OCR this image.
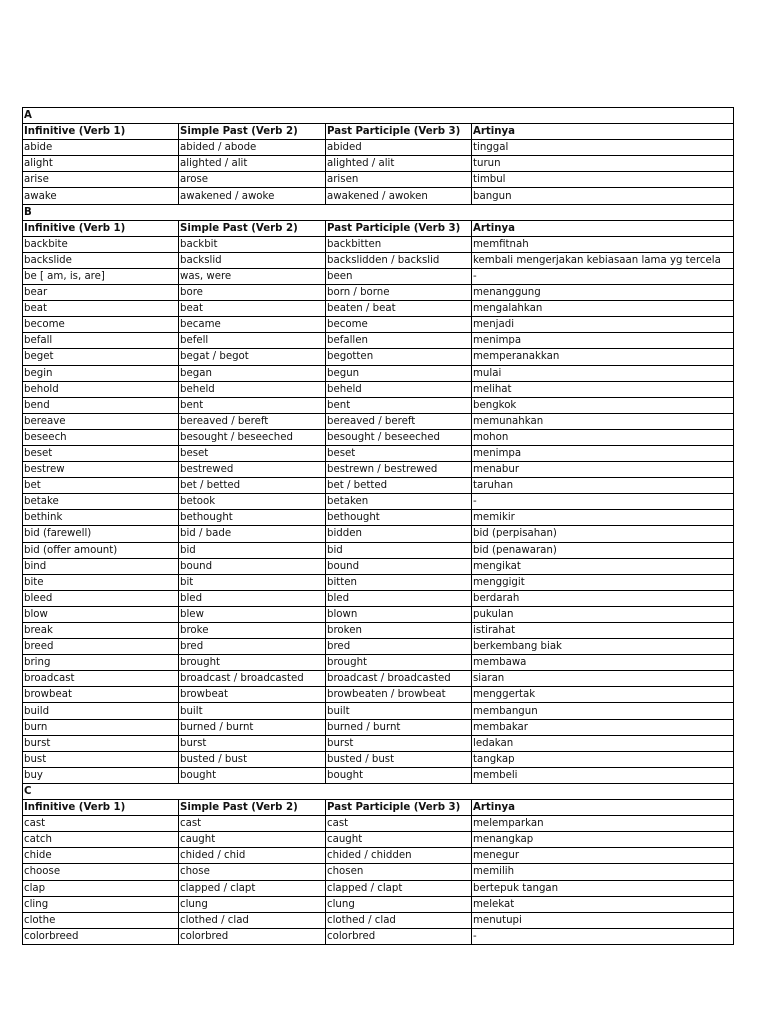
A			
Infinitive (Verb 1)	Simple Past (Verb 2)	Past Participle (Verb 3)	Artinya
abide	abided / abode	abided	tinggal
alight	alighted / alit	alighted / alit	turun
arise	arose	arisen	timbul
awake	awakened / awoke	awakened / awoken	bangun
B			
Infinitive (Verb 1)	Simple Past (Verb 2)	Past Participle (Verb 3)	Artinya
backbite	backbit	backbitten	memfitnah
backslide	backslid	backslidden / backslid	kembali mengerjakan kebiasaan lama yg tercela
be [ am, is, are]	was, were	been	-
bear	bore	born / borne	menanggung
beat	beat	beaten / beat	mengalahkan
become	became	become	menjadi
befall	befell	befallen	menimpa
beget	begat / begot	begotten	memperanakkan
begin	began	begun	mulai
behold	beheld	beheld	melihat
bend	bent	bent	bengkok
bereave	bereaved / bereft	bereaved / bereft	memunahkan
beseech	besought / beseeched	besought / beseeched	mohon
beset	beset	beset	menimpa
bestrew	bestrewed	bestrewn / bestrewed	menabur
bet	bet / betted	bet / betted	taruhan
betake	betook	betaken	-
bethink	bethought	bethought	memikir
bid (farewell)	bid / bade	bidden	bid (perpisahan)
bid (offer amount)	bid	bid	bid (penawaran)
bind	bound	bound	mengikat
bite	bit	bitten	menggigit
bleed	bled	bled	berdarah
blow	blew	blown	pukulan
break	broke	broken	istirahat
breed	bred	bred	berkembang biak
bring	brought	brought	membawa
broadcast	broadcast / broadcasted	broadcast / broadcasted	siaran
browbeat	browbeat	browbeaten / browbeat	menggertak
build	built	built	membangun
burn	burned / burnt	burned / burnt	membakar
burst	burst	burst	ledakan
bust	busted / bust	busted / bust	tangkap
buy	bought	bought	membeli
C			
Infinitive (Verb 1)	Simple Past (Verb 2)	Past Participle (Verb 3)	Artinya
cast	cast	cast	melemparkan
catch	caught	caught	menangkap
chide	chided / chid	chided / chidden	menegur
choose	chose	chosen	memilih
clap	clapped / clapt	clapped / clapt	bertepuk tangan
cling	clung	clung	melekat
clothe	clothed / clad	clothed / clad	menutupi
colorbreed	colorbred	colorbred	-
